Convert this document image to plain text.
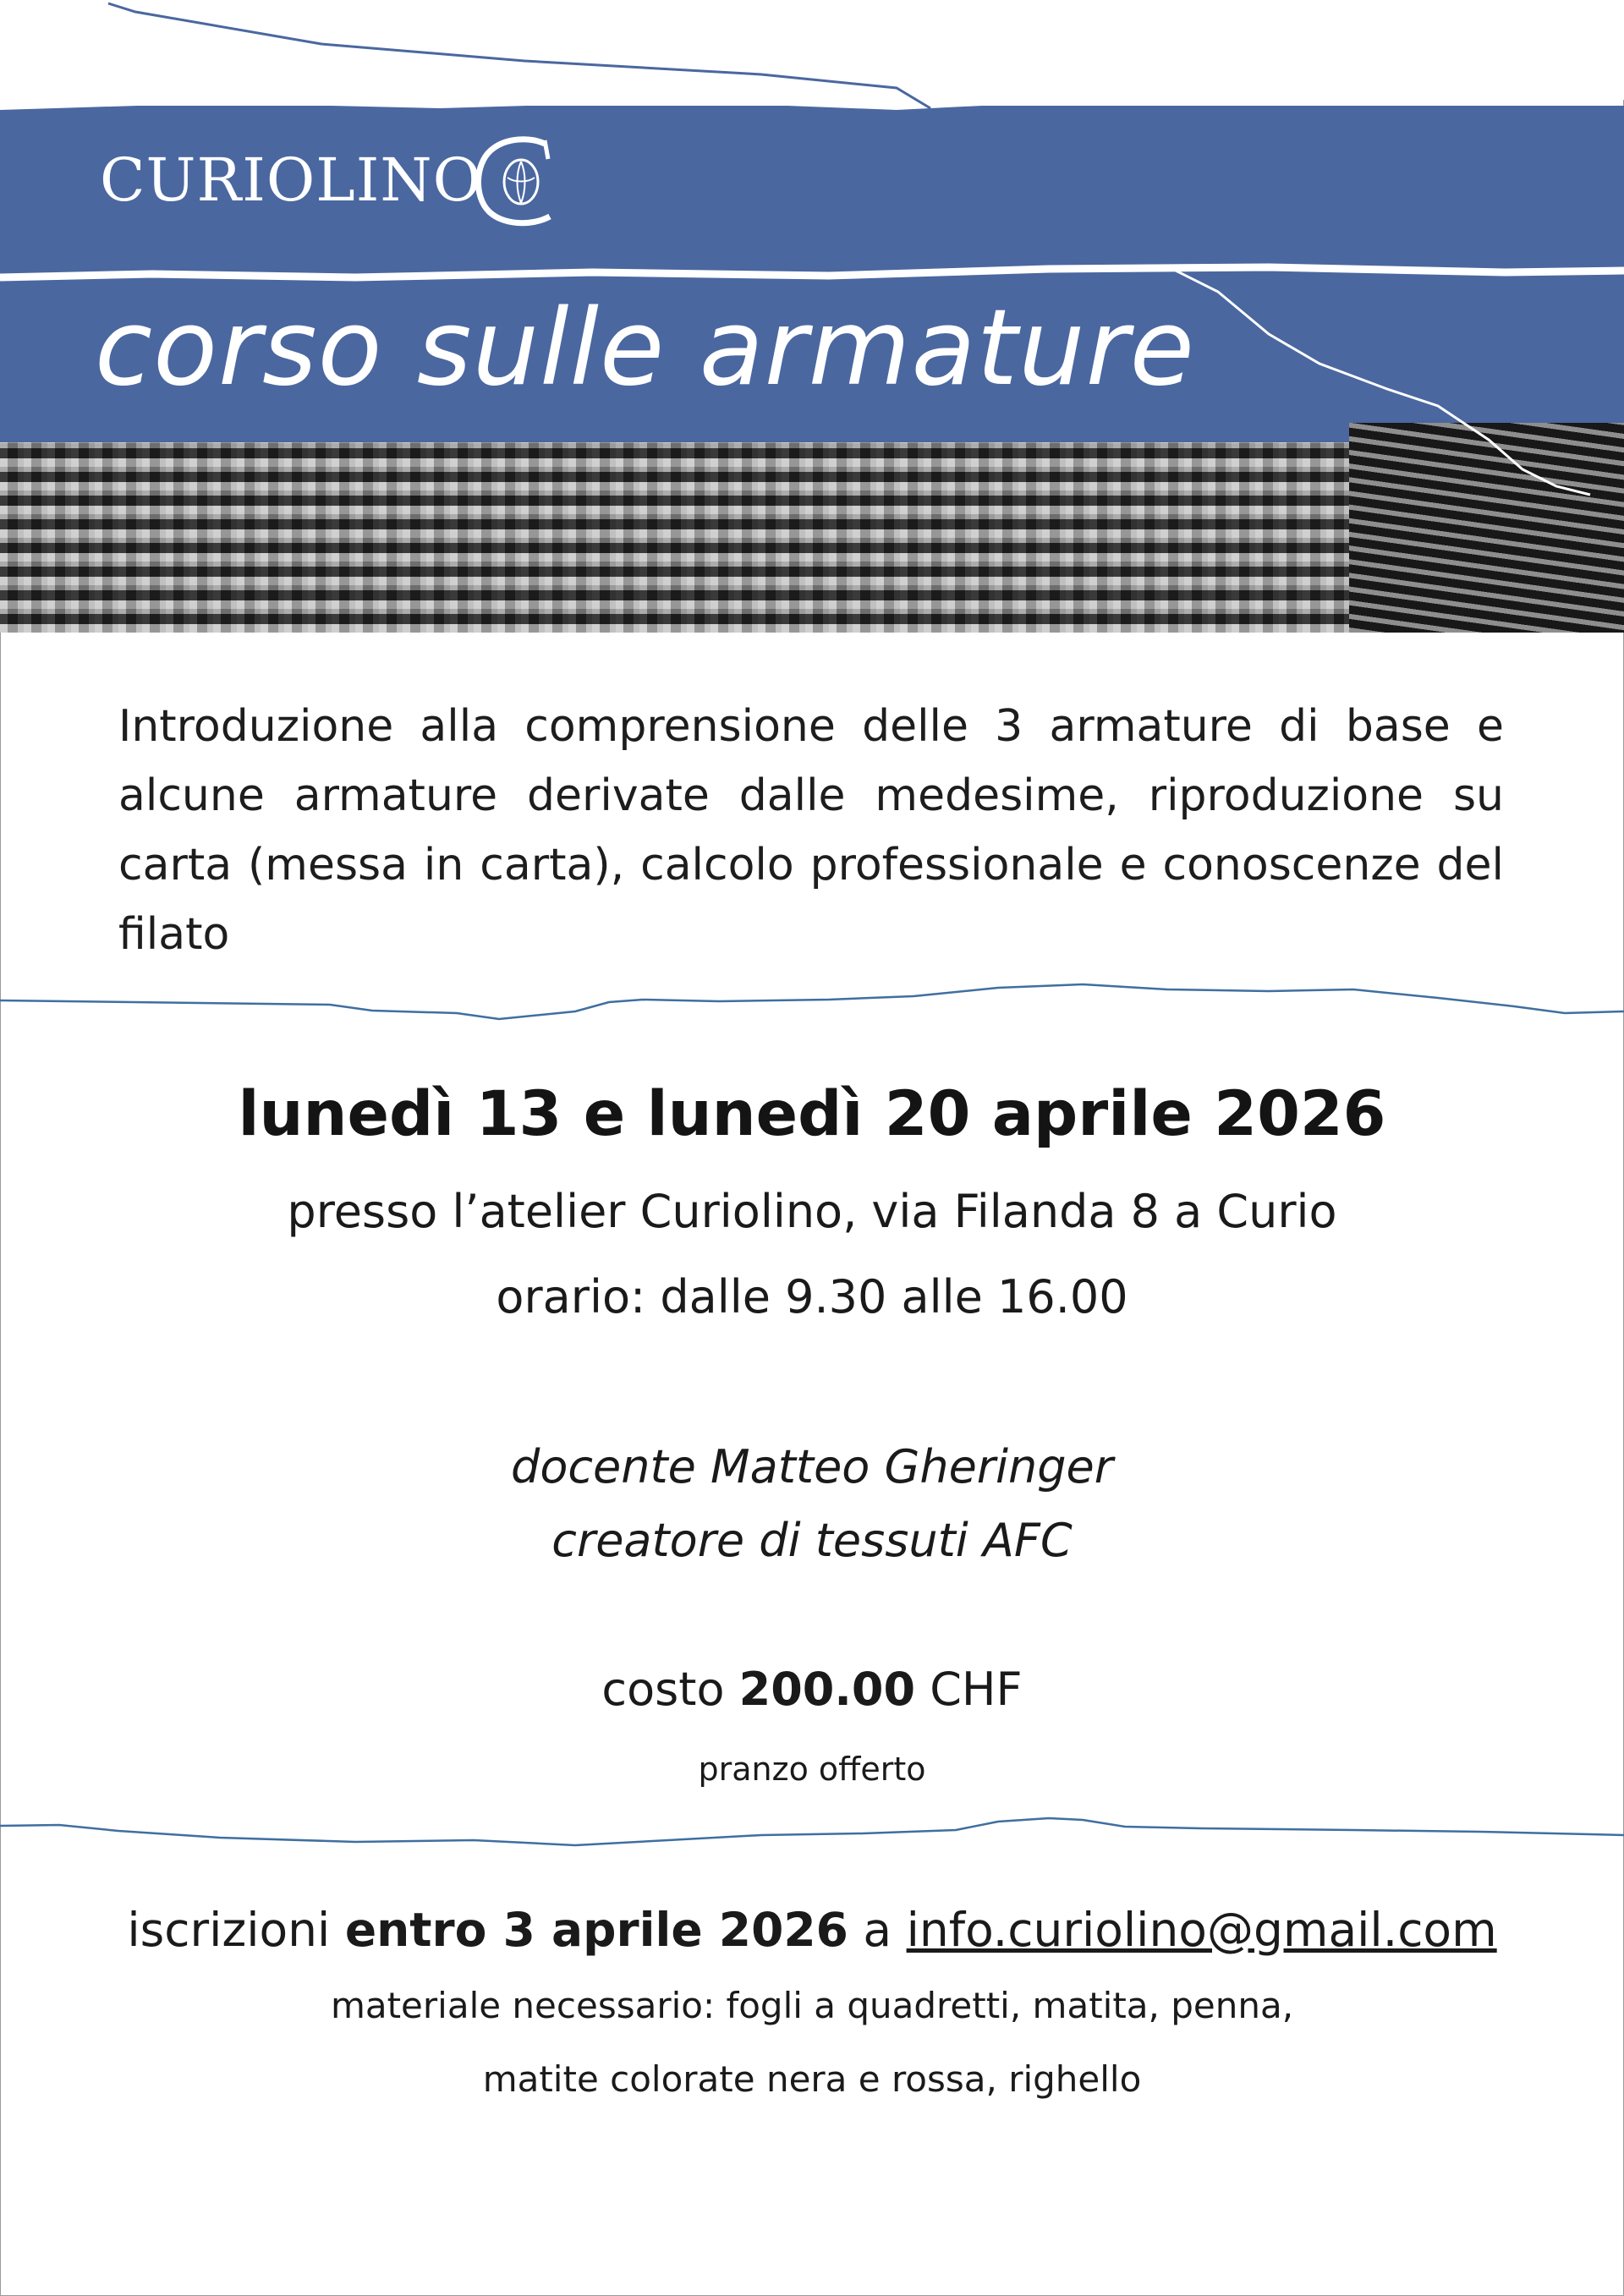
CURIOLINO
corso sulle armature

Introduzione alla comprensione delle 3 armature di base e alcune armature derivate dalle medesime, riproduzione su carta (messa in carta), calcolo professionale e conoscenze del filato

lunedì 13 e lunedì 20 aprile 2026
presso l’atelier Curiolino, via Filanda 8 a Curio
orario: dalle 9.30 alle 16.00
docente Matteo Gheringer
creatore di tessuti AFC
costo 200.00 CHF
pranzo offerto
iscrizioni entro 3 aprile 2026 a info.curiolino@gmail.com
materiale necessario: fogli a quadretti, matita, penna,
matite colorate nera e rossa, righello
